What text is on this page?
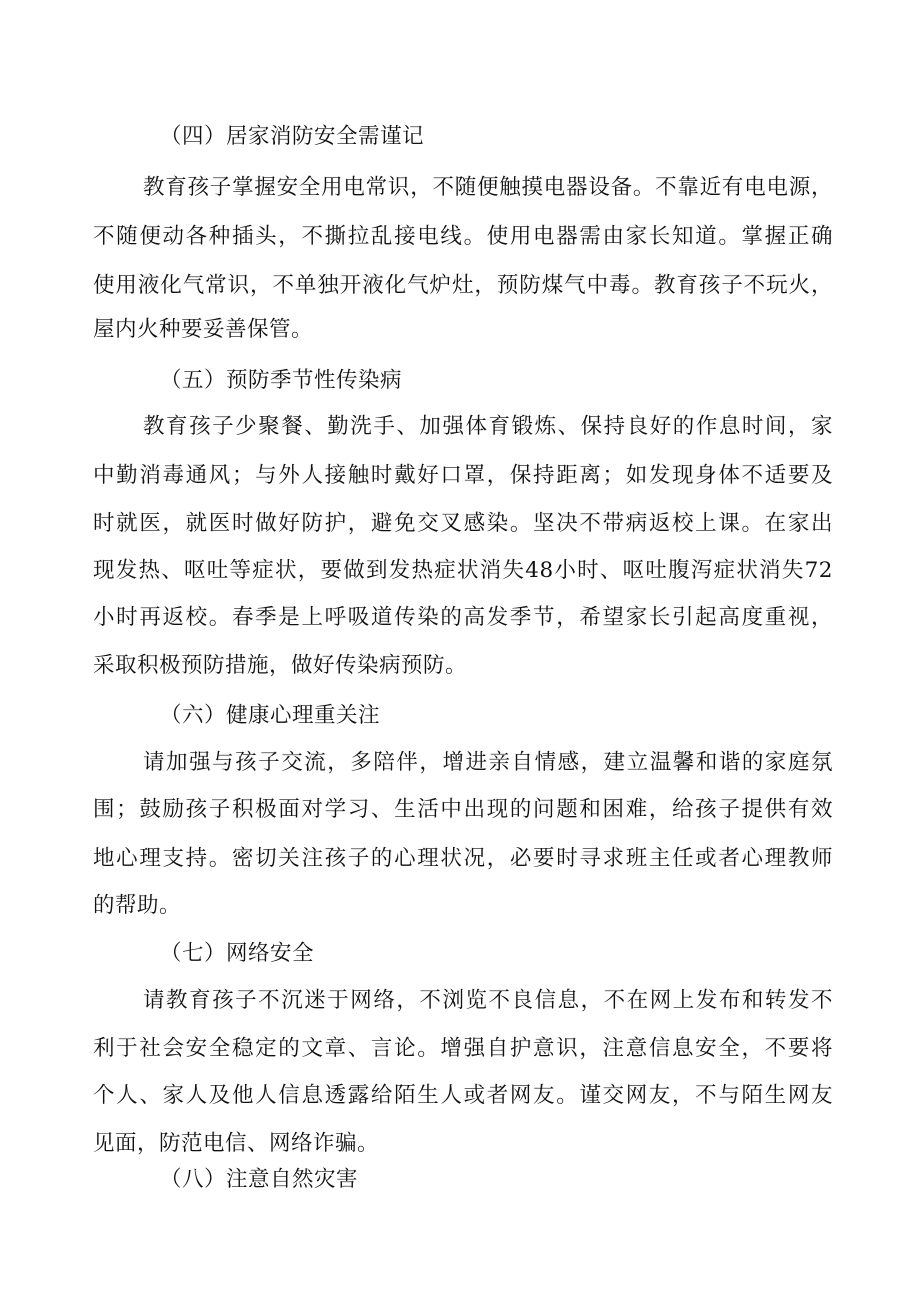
（四）居家消防安全需谨记
教育孩子掌握安全用电常识，不随便触摸电器设备。不靠近有电电源，
不随便动各种插头，不撕拉乱接电线。使用电器需由家长知道。掌握正确
使用液化气常识，不单独开液化气炉灶，预防煤气中毒。教育孩子不玩火，
屋内火种要妥善保管。
（五）预防季节性传染病
教育孩子少聚餐、勤洗手、加强体育锻炼、保持良好的作息时间，家
中勤消毒通风；与外人接触时戴好口罩，保持距离；如发现身体不适要及
时就医，就医时做好防护，避免交叉感染。坚决不带病返校上课。在家出
现发热、呕吐等症状，要做到发热症状消失48小时、呕吐腹泻症状消失72
小时再返校。春季是上呼吸道传染的高发季节，希望家长引起高度重视，
采取积极预防措施，做好传染病预防。
（六）健康心理重关注
请加强与孩子交流，多陪伴，增进亲自情感，建立温馨和谐的家庭氛
围；鼓励孩子积极面对学习、生活中出现的问题和困难，给孩子提供有效
地心理支持。密切关注孩子的心理状况，必要时寻求班主任或者心理教师
的帮助。
（七）网络安全
请教育孩子不沉迷于网络，不浏览不良信息，不在网上发布和转发不
利于社会安全稳定的文章、言论。增强自护意识，注意信息安全，不要将
个人、家人及他人信息透露给陌生人或者网友。谨交网友，不与陌生网友
见面，防范电信、网络诈骗。
（八）注意自然灾害
